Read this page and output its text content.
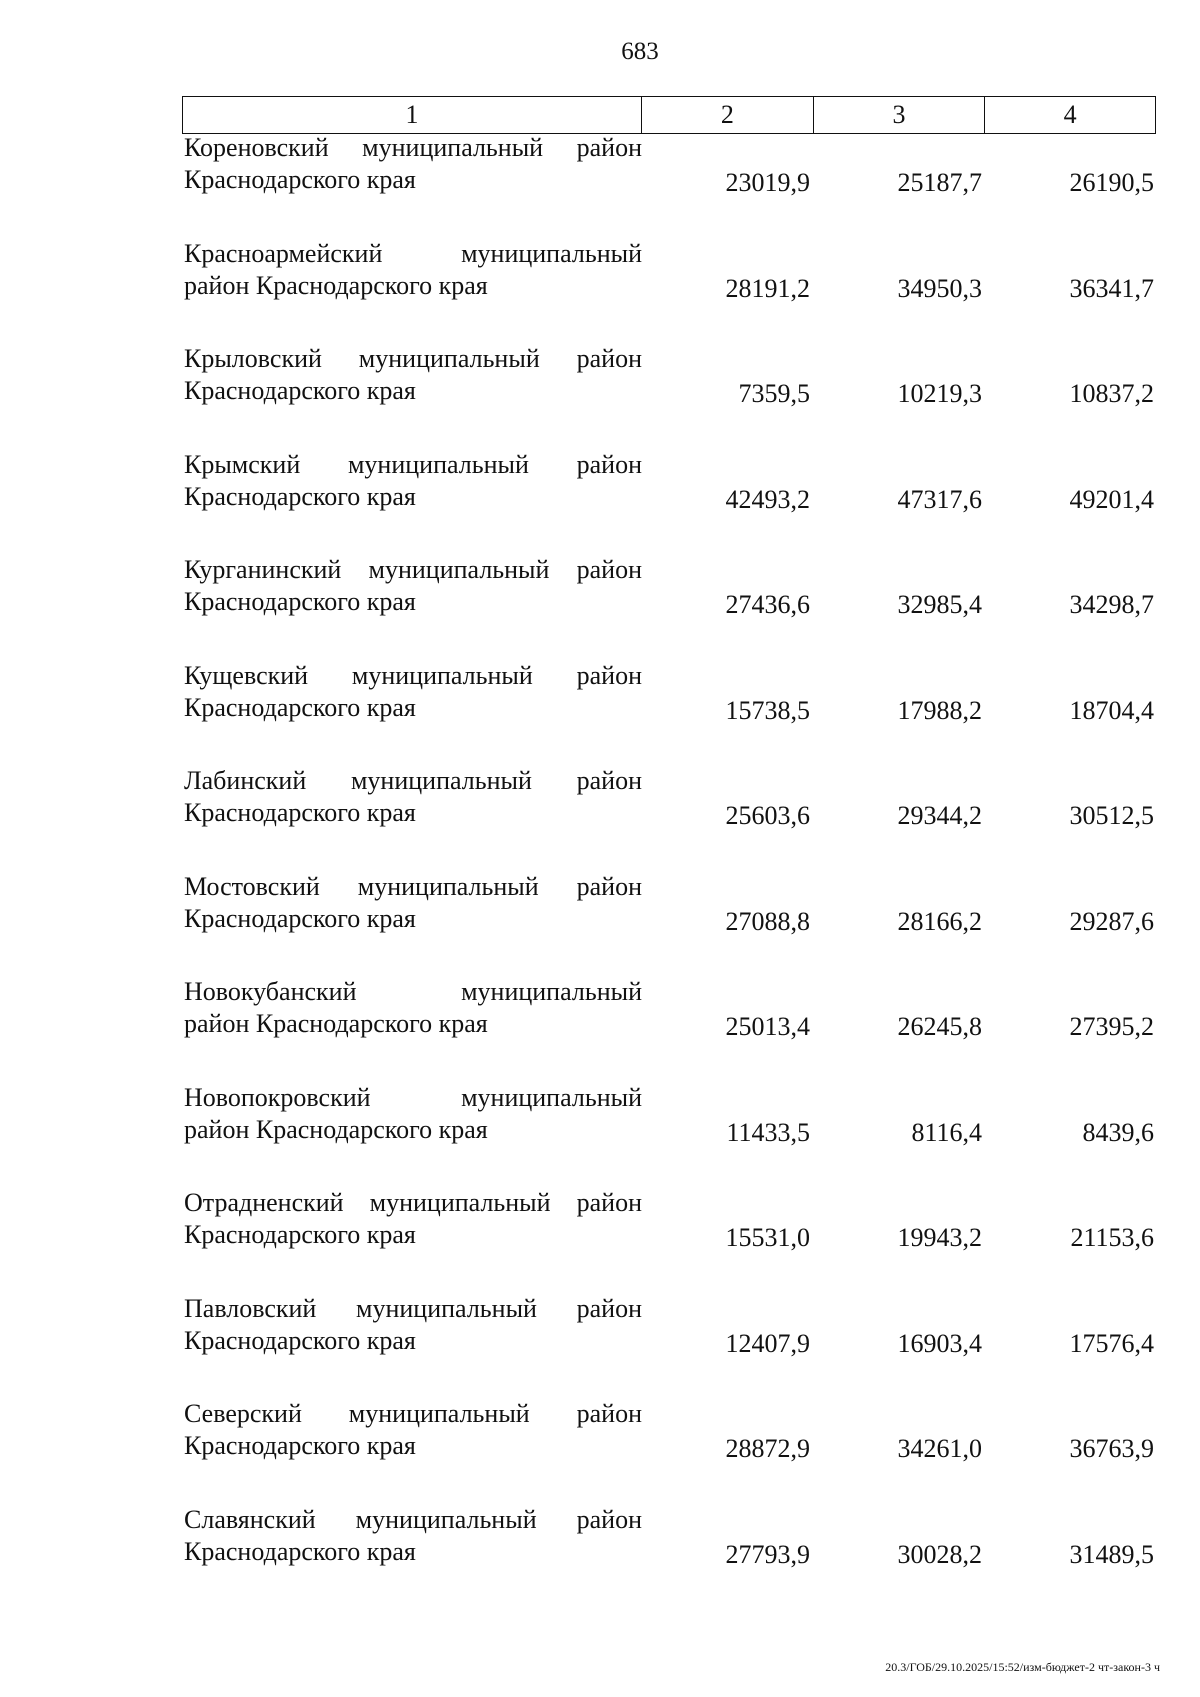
683
1	2	3	4
Кореновский муниципальный район
Краснодарского края	23019,9	25187,7	26190,5
Красноармейский муниципальный
район Краснодарского края	28191,2	34950,3	36341,7
Крыловский муниципальный район
Краснодарского края	7359,5	10219,3	10837,2
Крымский муниципальный район
Краснодарского края	42493,2	47317,6	49201,4
Курганинский муниципальный район
Краснодарского края	27436,6	32985,4	34298,7
Кущевский муниципальный район
Краснодарского края	15738,5	17988,2	18704,4
Лабинский муниципальный район
Краснодарского края	25603,6	29344,2	30512,5
Мостовский муниципальный район
Краснодарского края	27088,8	28166,2	29287,6
Новокубанский муниципальный
район Краснодарского края	25013,4	26245,8	27395,2
Новопокровский муниципальный
район Краснодарского края	11433,5	8116,4	8439,6
Отрадненский муниципальный район
Краснодарского края	15531,0	19943,2	21153,6
Павловский муниципальный район
Краснодарского края	12407,9	16903,4	17576,4
Северский муниципальный район
Краснодарского края	28872,9	34261,0	36763,9
Славянский муниципальный район
Краснодарского края	27793,9	30028,2	31489,5
20.3/ГОБ/29.10.2025/15:52/изм-бюджет-2 чт-закон-3 ч
